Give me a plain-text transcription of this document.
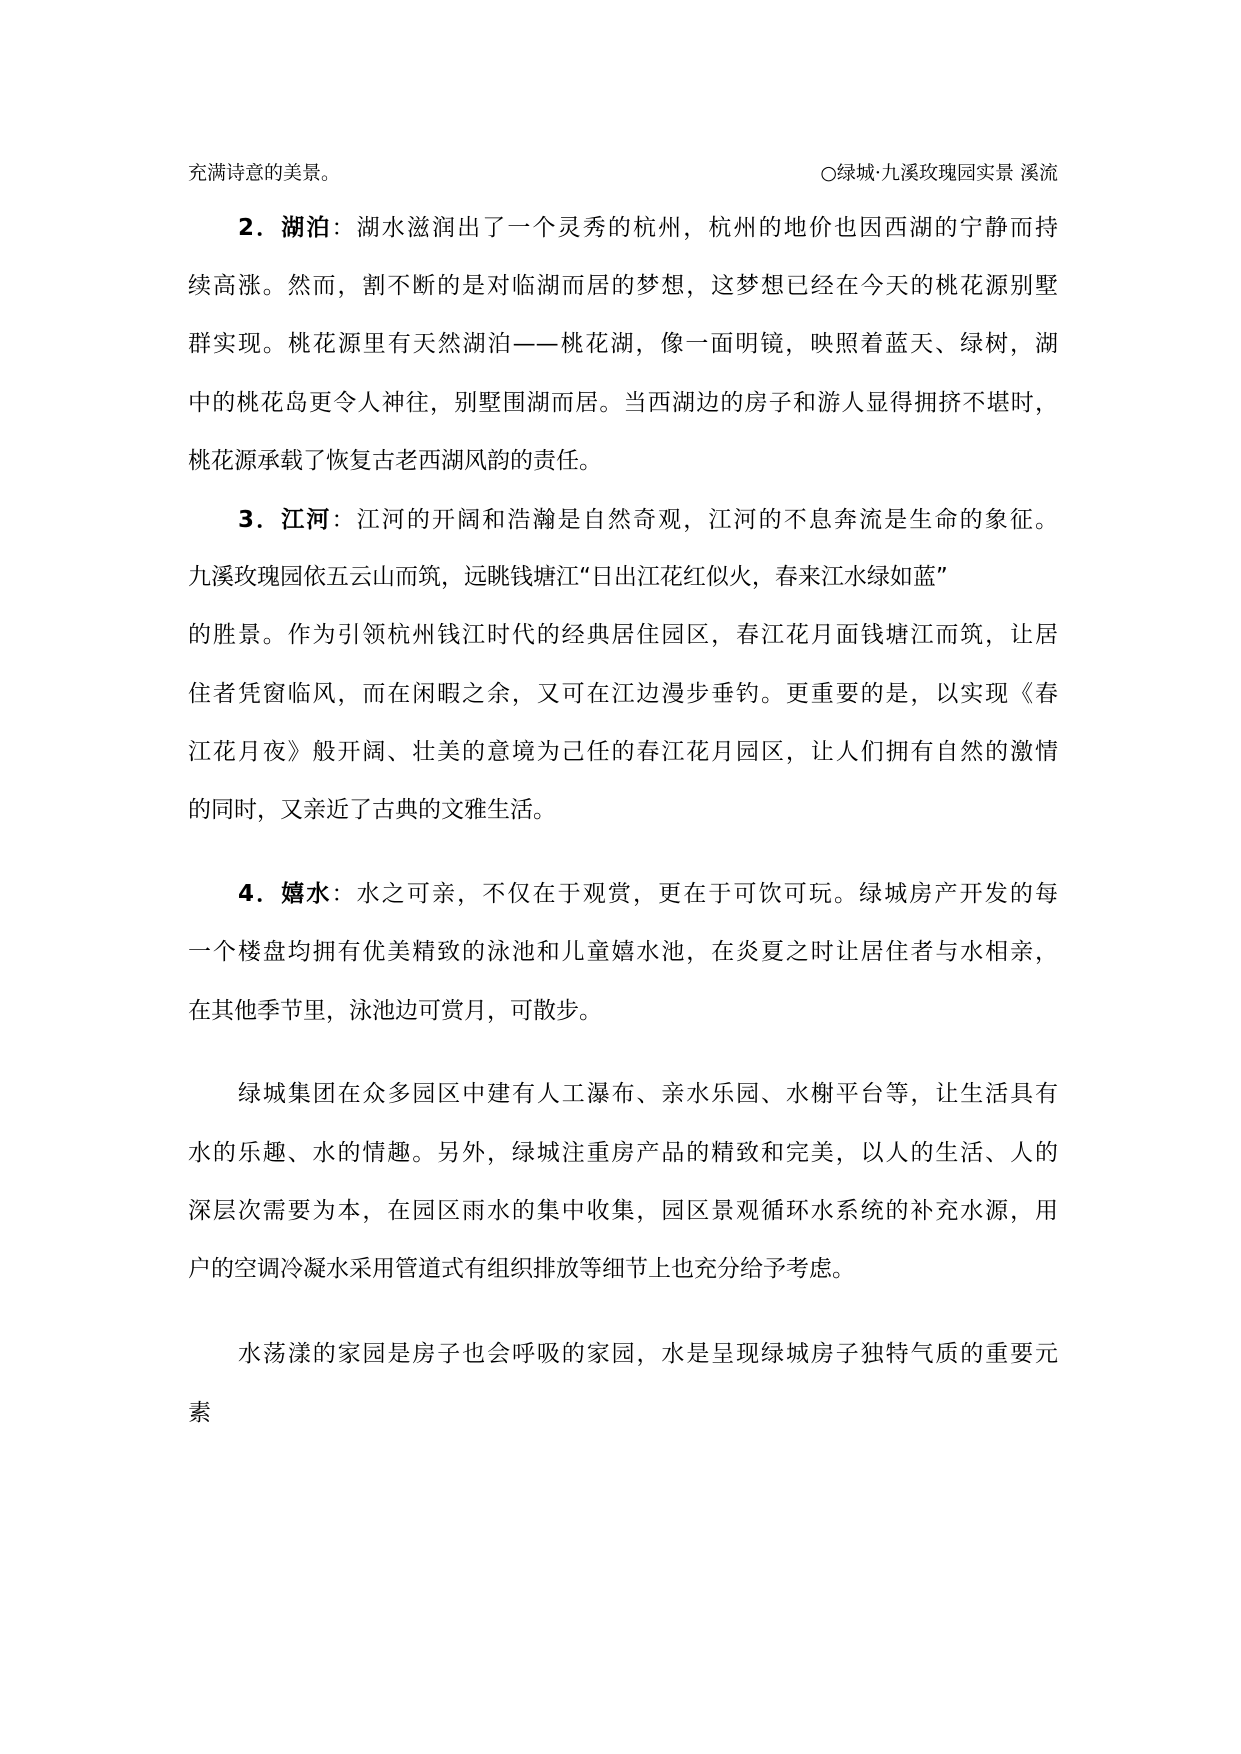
充满诗意的美景。	○绿城·九溪玫瑰园实景 溪流
2．湖泊：湖水滋润出了一个灵秀的杭州，杭州的地价也因西湖的宁静而持
续高涨。然而，割不断的是对临湖而居的梦想，这梦想已经在今天的桃花源别墅
群实现。桃花源里有天然湖泊——桃花湖，像一面明镜，映照着蓝天、绿树，湖
中的桃花岛更令人神往，别墅围湖而居。当西湖边的房子和游人显得拥挤不堪时，
桃花源承载了恢复古老西湖风韵的责任。
3．江河：江河的开阔和浩瀚是自然奇观，江河的不息奔流是生命的象征。
九溪玫瑰园依五云山而筑，远眺钱塘江“日出江花红似火，春来江水绿如蓝”
的胜景。作为引领杭州钱江时代的经典居住园区，春江花月面钱塘江而筑，让居
住者凭窗临风，而在闲暇之余，又可在江边漫步垂钓。更重要的是，以实现《春
江花月夜》般开阔、壮美的意境为己任的春江花月园区，让人们拥有自然的激情
的同时，又亲近了古典的文雅生活。
4．嬉水：水之可亲，不仅在于观赏，更在于可饮可玩。绿城房产开发的每
一个楼盘均拥有优美精致的泳池和儿童嬉水池，在炎夏之时让居住者与水相亲，
在其他季节里，泳池边可赏月，可散步。
绿城集团在众多园区中建有人工瀑布、亲水乐园、水榭平台等，让生活具有
水的乐趣、水的情趣。另外，绿城注重房产品的精致和完美，以人的生活、人的
深层次需要为本，在园区雨水的集中收集，园区景观循环水系统的补充水源，用
户的空调冷凝水采用管道式有组织排放等细节上也充分给予考虑。
水荡漾的家园是房子也会呼吸的家园，水是呈现绿城房子独特气质的重要元
素
